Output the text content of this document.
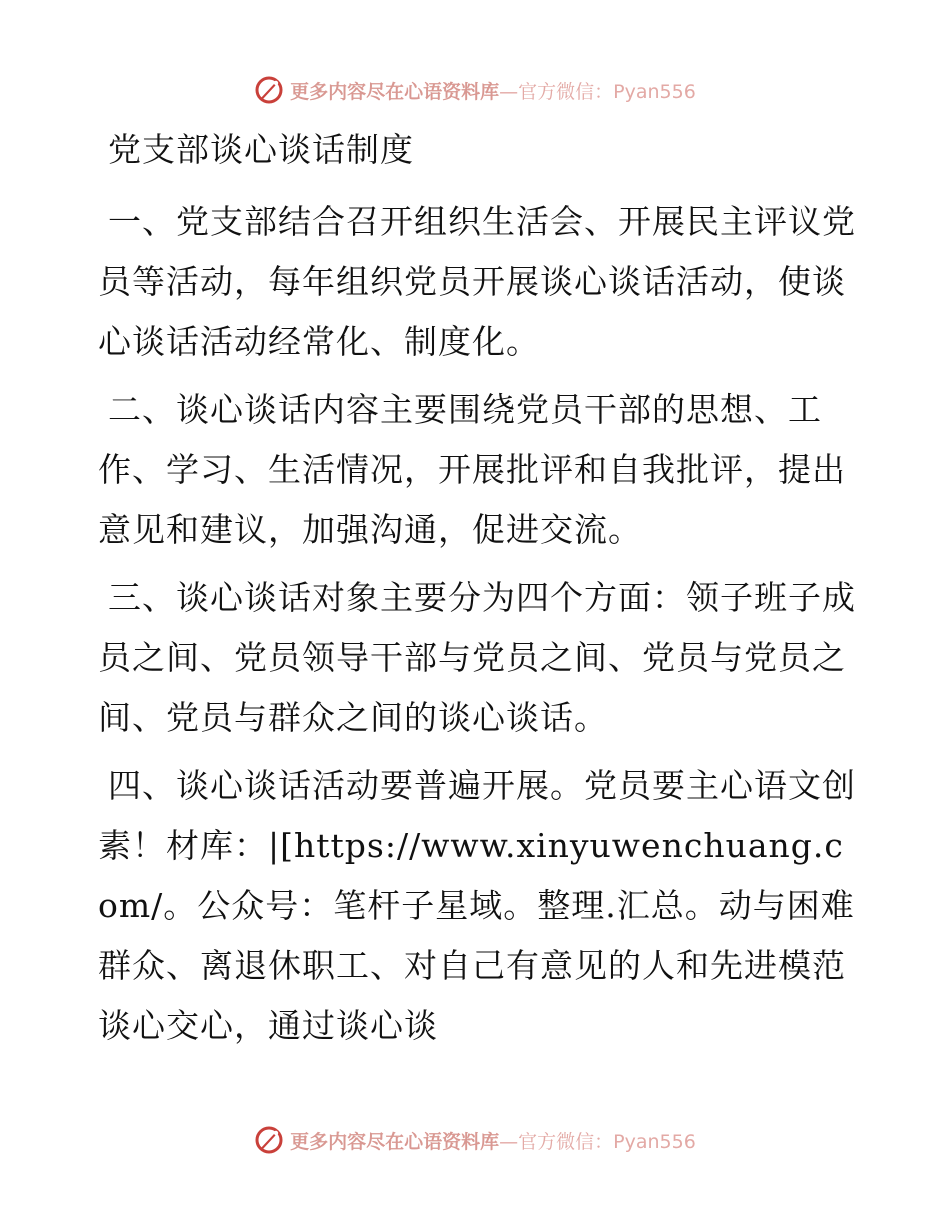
更多内容尽在心语资料库—官方微信：Pyan556
党支部谈心谈话制度

一、党支部结合召开组织生活会、开展民主评议党员等活动，每年组织党员开展谈心谈话活动，使谈心谈话活动经常化、制度化。

二、谈心谈话内容主要围绕党员干部的思想、工作、学习、生活情况，开展批评和自我批评，提出意见和建议，加强沟通，促进交流。

三、谈心谈话对象主要分为四个方面：领子班子成员之间、党员领导干部与党员之间、党员与党员之间、党员与群众之间的谈心谈话。

四、谈心谈话活动要普遍开展。党员要主心语文创素！材库：|[https://www.xinyuwenchuang.com/。公众号：笔杆子星域。整理.汇总。动与困难群众、离退休职工、对自己有意见的人和先进模范谈心交心，通过谈心谈

更多内容尽在心语资料库—官方微信：Pyan556
